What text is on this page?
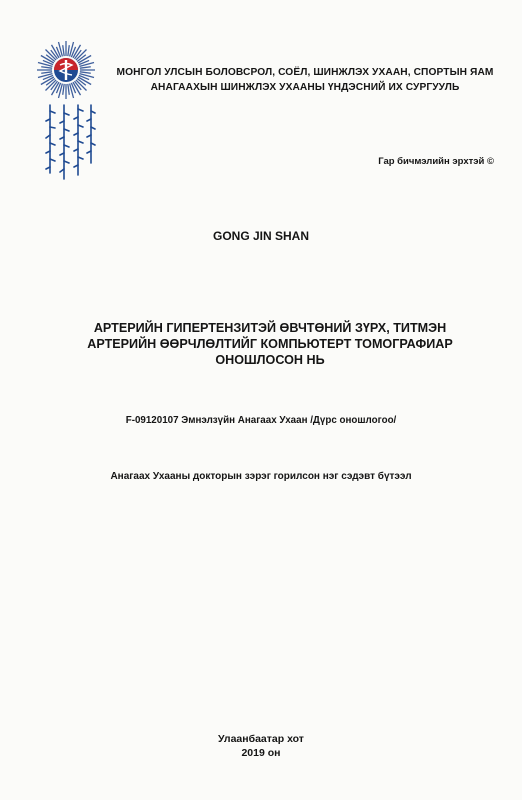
МОНГОЛ УЛСЫН БОЛОВСРОЛ, СОЁЛ, ШИНЖЛЭХ УХААН, СПОРТЫН ЯАМ
АНАГААХЫН ШИНЖЛЭХ УХААНЫ ҮНДЭСНИЙ ИХ СУРГУУЛЬ
Гар бичмэлийн эрхтэй ©
GONG JIN SHAN
АРТЕРИЙН ГИПЕРТЕНЗИТЭЙ ӨВЧТӨНИЙ ЗҮРХ, ТИТМЭН
АРТЕРИЙН ӨӨРЧЛӨЛТИЙГ КОМПЬЮТЕРТ ТОМОГРАФИАР
ОНОШЛОСОН НЬ
F-09120107 Эмнэлзүйн Анагаах Ухаан /Дүрс оношлогоо/
Анагаах Ухааны докторын зэрэг горилсон нэг сэдэвт бүтээл
Улаанбаатар хот
2019 он
